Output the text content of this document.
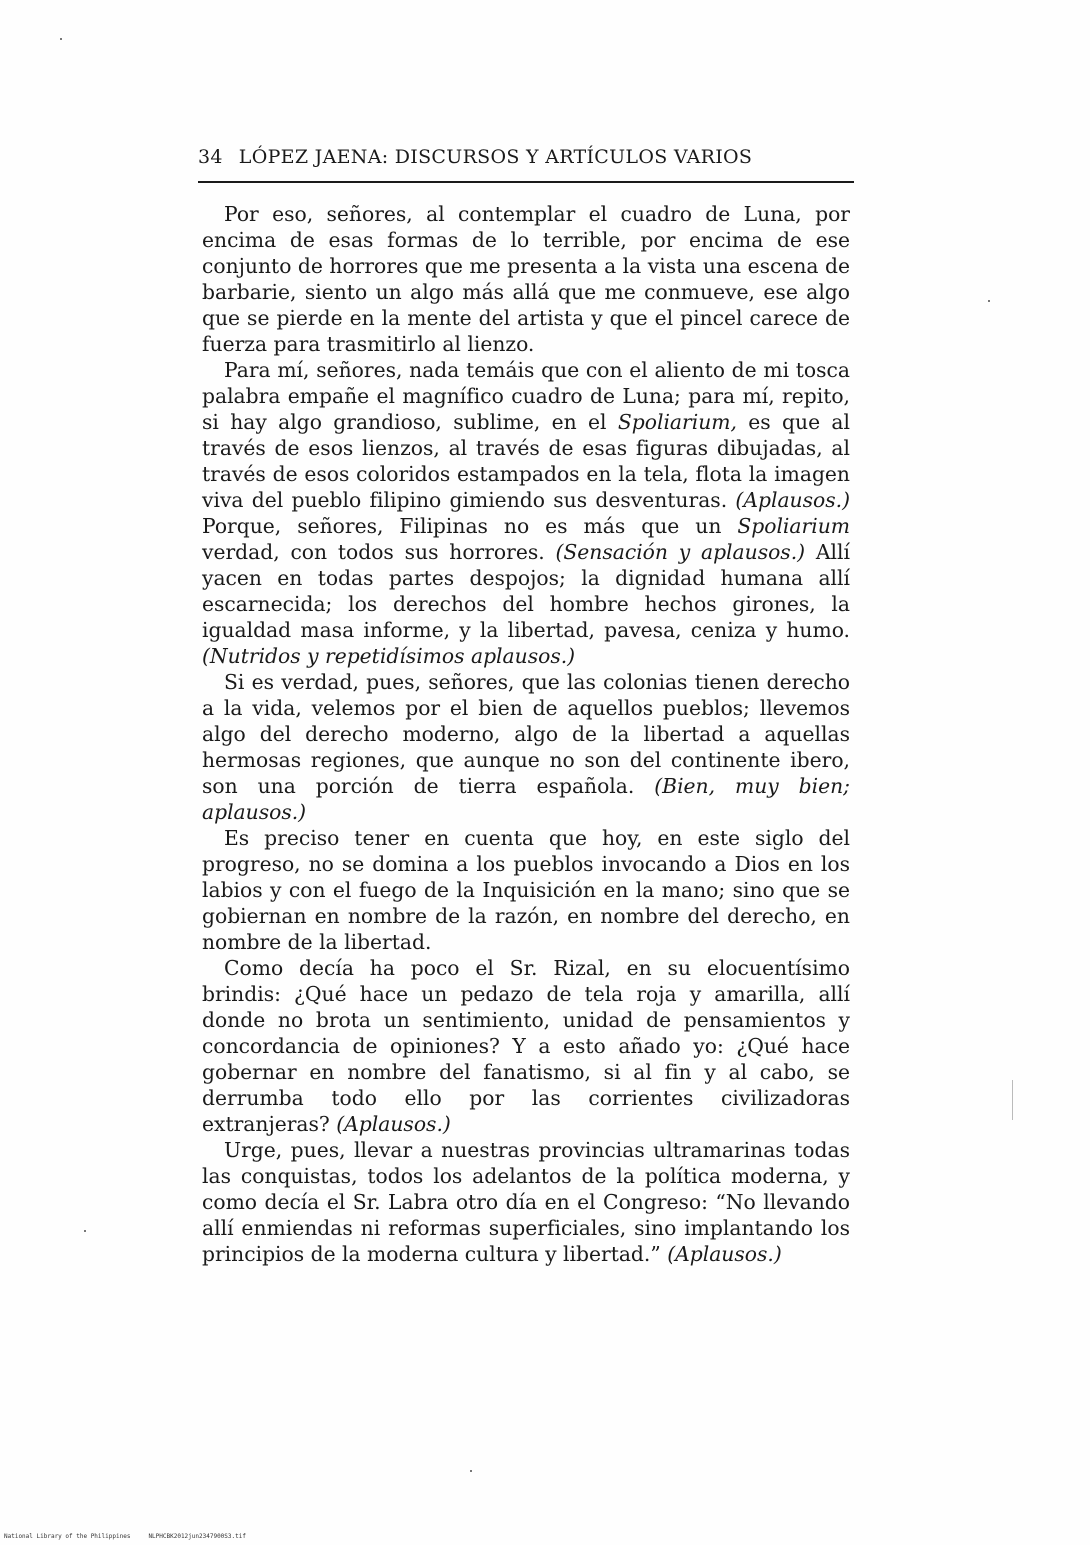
34 LÓPEZ JAENA: DISCURSOS Y ARTÍCULOS VARIOS

Por eso, señores, al contemplar el cuadro de Luna, por encima de esas formas de lo terrible, por encima de ese conjunto de horrores que me presenta a la vista una escena de barbarie, siento un algo más allá que me conmueve, ese algo que se pierde en la mente del artista y que el pincel carece de fuerza para trasmitirlo al lienzo.

Para mí, señores, nada temáis que con el aliento de mi tosca palabra empañe el magnífico cuadro de Luna; para mí, repito, si hay algo grandioso, sublime, en el Spoliarium, es que al través de esos lienzos, al través de esas figuras dibujadas, al través de esos coloridos estampados en la tela, flota la imagen viva del pueblo filipino gimiendo sus desventuras. (Aplausos.) Porque, señores, Filipinas no es más que un Spoliarium verdad, con todos sus horrores. (Sensación y aplausos.) Allí yacen en todas partes despojos; la dignidad humana allí escarnecida; los derechos del hombre hechos girones, la igualdad masa informe, y la libertad, pavesa, ceniza y humo. (Nutridos y repetidísimos aplausos.)

Si es verdad, pues, señores, que las colonias tienen derecho a la vida, velemos por el bien de aquellos pueblos; llevemos algo del derecho moderno, algo de la libertad a aquellas hermosas regiones, que aunque no son del continente ibero, son una porción de tierra española. (Bien, muy bien; aplausos.)

Es preciso tener en cuenta que hoy, en este siglo del progreso, no se domina a los pueblos invocando a Dios en los labios y con el fuego de la Inquisición en la mano; sino que se gobiernan en nombre de la razón, en nombre del derecho, en nombre de la libertad.

Como decía ha poco el Sr. Rizal, en su elocuentísimo brindis: ¿Qué hace un pedazo de tela roja y amarilla, allí donde no brota un sentimiento, unidad de pensamientos y concordancia de opiniones? Y a esto añado yo: ¿Qué hace gobernar en nombre del fanatismo, si al fin y al cabo, se derrumba todo ello por las corrientes civilizadoras extranjeras? (Aplausos.)

Urge, pues, llevar a nuestras provincias ultramarinas todas las conquistas, todos los adelantos de la política moderna, y como decía el Sr. Labra otro día en el Congreso: “No llevando allí enmiendas ni reformas superficiales, sino implantando los principios de la moderna cultura y libertad.” (Aplausos.)

National Library of the Philippines	NLPHCBK2012jun2347900S3.tif
